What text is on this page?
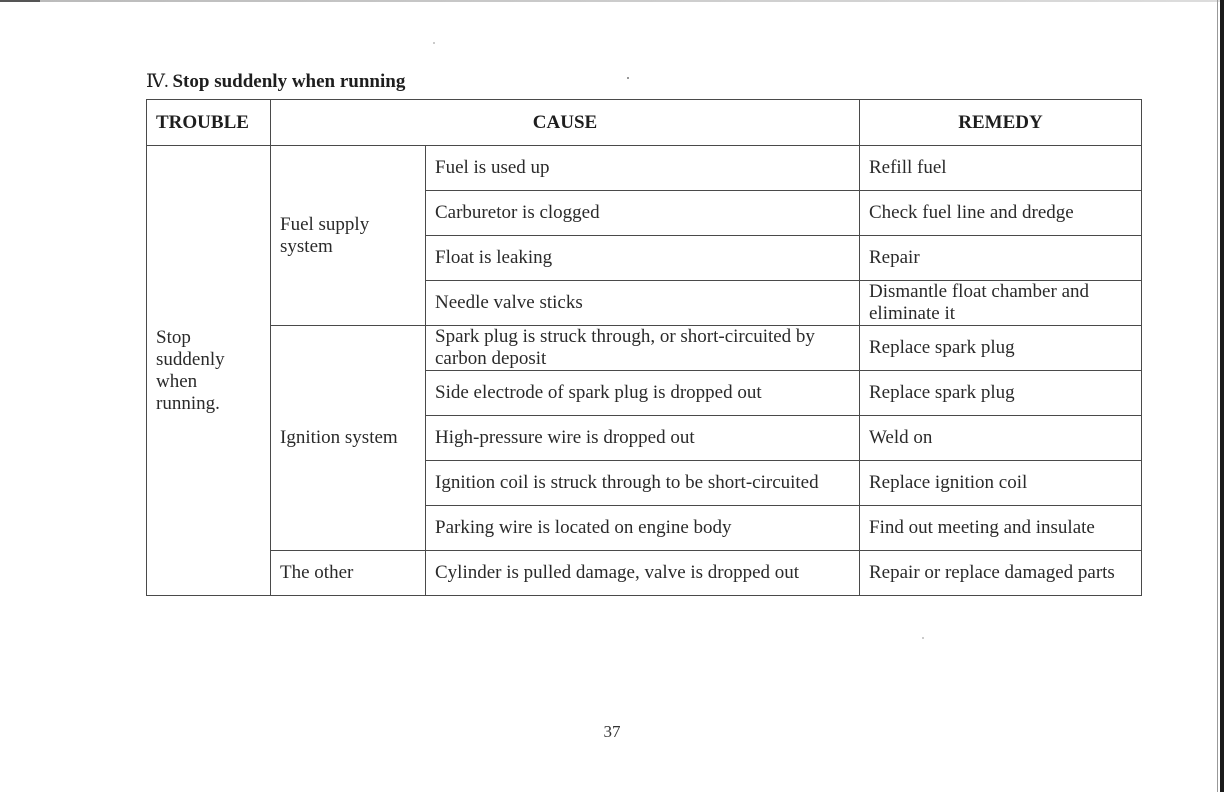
Ⅳ. Stop suddenly when running
TROUBLE	CAUSE		REMEDY
Stop suddenly when running.	Fuel supply system	Fuel is used up	Refill fuel
		Carburetor is clogged	Check fuel line and dredge
		Float is leaking	Repair
		Needle valve sticks	Dismantle float chamber and eliminate it
	Ignition system	Spark plug is struck through, or short-circuited by carbon deposit	Replace spark plug
		Side electrode of spark plug is dropped out	Replace spark plug
		High-pressure wire is dropped out	Weld on
		Ignition coil is struck through to be short-circuited	Replace ignition coil
		Parking wire is located on engine body	Find out meeting and insulate
	The other	Cylinder is pulled damage, valve is dropped out	Repair or replace damaged parts
37
